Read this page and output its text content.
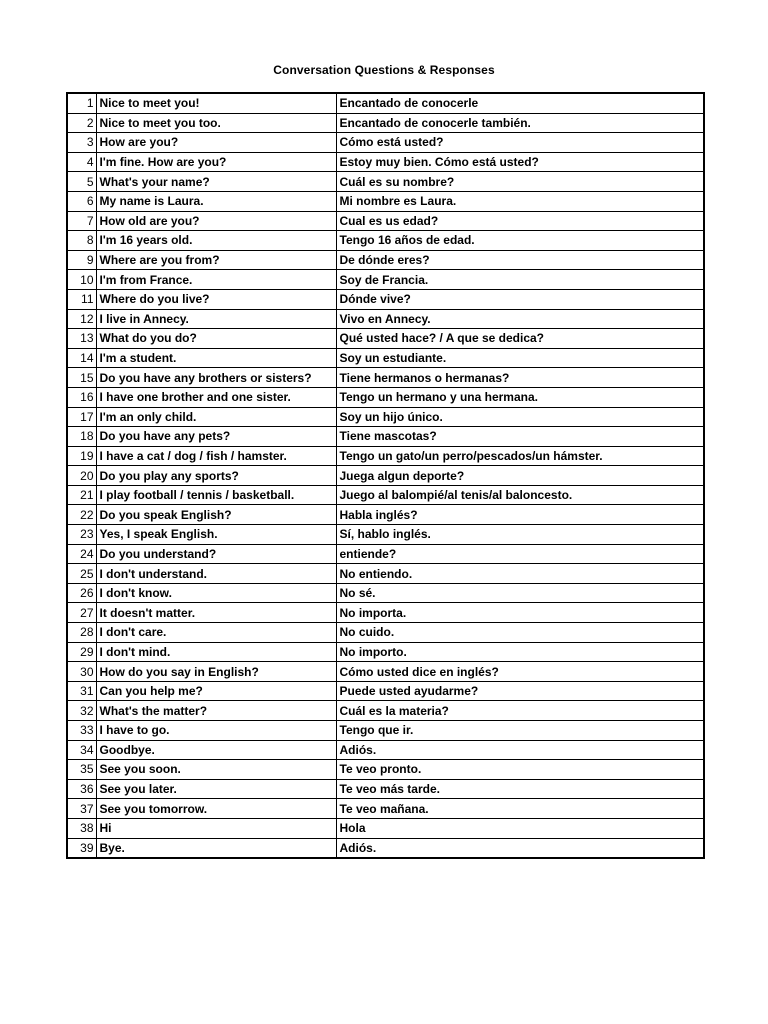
Conversation Questions & Responses
1	Nice to meet you!	Encantado de conocerle
2	Nice to meet you too.	Encantado de conocerle también.
3	How are you?	Cómo está usted?
4	I'm fine. How are you?	Estoy muy bien. Cómo está usted?
5	What's your name?	Cuál es su nombre?
6	My name is Laura.	Mi nombre es Laura.
7	How old are you?	Cual es us edad?
8	I'm 16 years old.	Tengo 16 años de edad.
9	Where are you from?	De dónde eres?
10	I'm from France.	Soy de Francia.
11	Where do you live?	Dónde vive?
12	I live in Annecy.	Vivo en Annecy.
13	What do you do?	Qué usted hace? / A que se dedica?
14	I'm a student.	Soy un estudiante.
15	Do you have any brothers or sisters?	Tiene hermanos o hermanas?
16	I have one brother and one sister.	Tengo un hermano y una hermana.
17	I'm an only child.	Soy un hijo único.
18	Do you have any pets?	Tiene mascotas?
19	I have a cat / dog / fish / hamster.	Tengo un gato/un perro/pescados/un hámster.
20	Do you play any sports?	Juega algun deporte?
21	I play football / tennis / basketball.	Juego al balompié/al tenis/al baloncesto.
22	Do you speak English?	Habla inglés?
23	Yes, I speak English.	Sí, hablo inglés.
24	Do you understand?	entiende?
25	I don't understand.	No entiendo.
26	I don't know.	No sé.
27	It doesn't matter.	No importa.
28	I don't care.	No cuido.
29	I don't mind.	No importo.
30	How do you say in English?	Cómo usted dice en inglés?
31	Can you help me?	Puede usted ayudarme?
32	What's the matter?	Cuál es la materia?
33	I have to go.	Tengo que ir.
34	Goodbye.	Adiós.
35	See you soon.	Te veo pronto.
36	See you later.	Te veo más tarde.
37	See you tomorrow.	Te veo mañana.
38	Hi	Hola
39	Bye.	Adiós.
